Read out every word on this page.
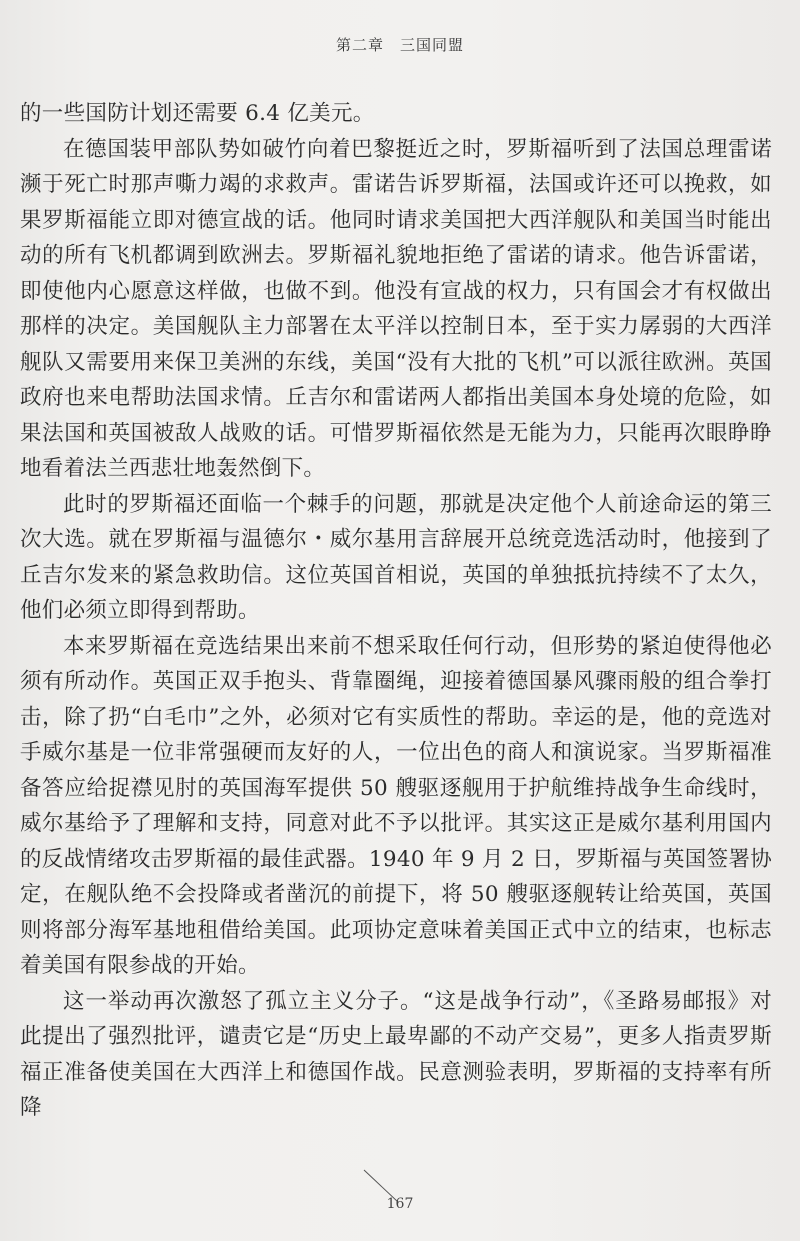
第二章　三国同盟

的一些国防计划还需要 6.4 亿美元。

在德国装甲部队势如破竹向着巴黎挺近之时，罗斯福听到了法国总理雷诺濒于死亡时那声嘶力竭的求救声。雷诺告诉罗斯福，法国或许还可以挽救，如果罗斯福能立即对德宣战的话。他同时请求美国把大西洋舰队和美国当时能出动的所有飞机都调到欧洲去。罗斯福礼貌地拒绝了雷诺的请求。他告诉雷诺，即使他内心愿意这样做，也做不到。他没有宣战的权力，只有国会才有权做出那样的决定。美国舰队主力部署在太平洋以控制日本，至于实力孱弱的大西洋舰队又需要用来保卫美洲的东线，美国“没有大批的飞机”可以派往欧洲。英国政府也来电帮助法国求情。丘吉尔和雷诺两人都指出美国本身处境的危险，如果法国和英国被敌人战败的话。可惜罗斯福依然是无能为力，只能再次眼睁睁地看着法兰西悲壮地轰然倒下。

此时的罗斯福还面临一个棘手的问题，那就是决定他个人前途命运的第三次大选。就在罗斯福与温德尔・威尔基用言辞展开总统竞选活动时，他接到了丘吉尔发来的紧急救助信。这位英国首相说，英国的单独抵抗持续不了太久，他们必须立即得到帮助。

本来罗斯福在竞选结果出来前不想采取任何行动，但形势的紧迫使得他必须有所动作。英国正双手抱头、背靠圈绳，迎接着德国暴风骤雨般的组合拳打击，除了扔“白毛巾”之外，必须对它有实质性的帮助。幸运的是，他的竞选对手威尔基是一位非常强硬而友好的人，一位出色的商人和演说家。当罗斯福准备答应给捉襟见肘的英国海军提供 50 艘驱逐舰用于护航维持战争生命线时，威尔基给予了理解和支持，同意对此不予以批评。其实这正是威尔基利用国内的反战情绪攻击罗斯福的最佳武器。1940 年 9 月 2 日，罗斯福与英国签署协定，在舰队绝不会投降或者凿沉的前提下，将 50 艘驱逐舰转让给英国，英国则将部分海军基地租借给美国。此项协定意味着美国正式中立的结束，也标志着美国有限参战的开始。

这一举动再次激怒了孤立主义分子。“这是战争行动”，《圣路易邮报》对此提出了强烈批评，谴责它是“历史上最卑鄙的不动产交易”，更多人指责罗斯福正准备使美国在大西洋上和德国作战。民意测验表明，罗斯福的支持率有所降

167
